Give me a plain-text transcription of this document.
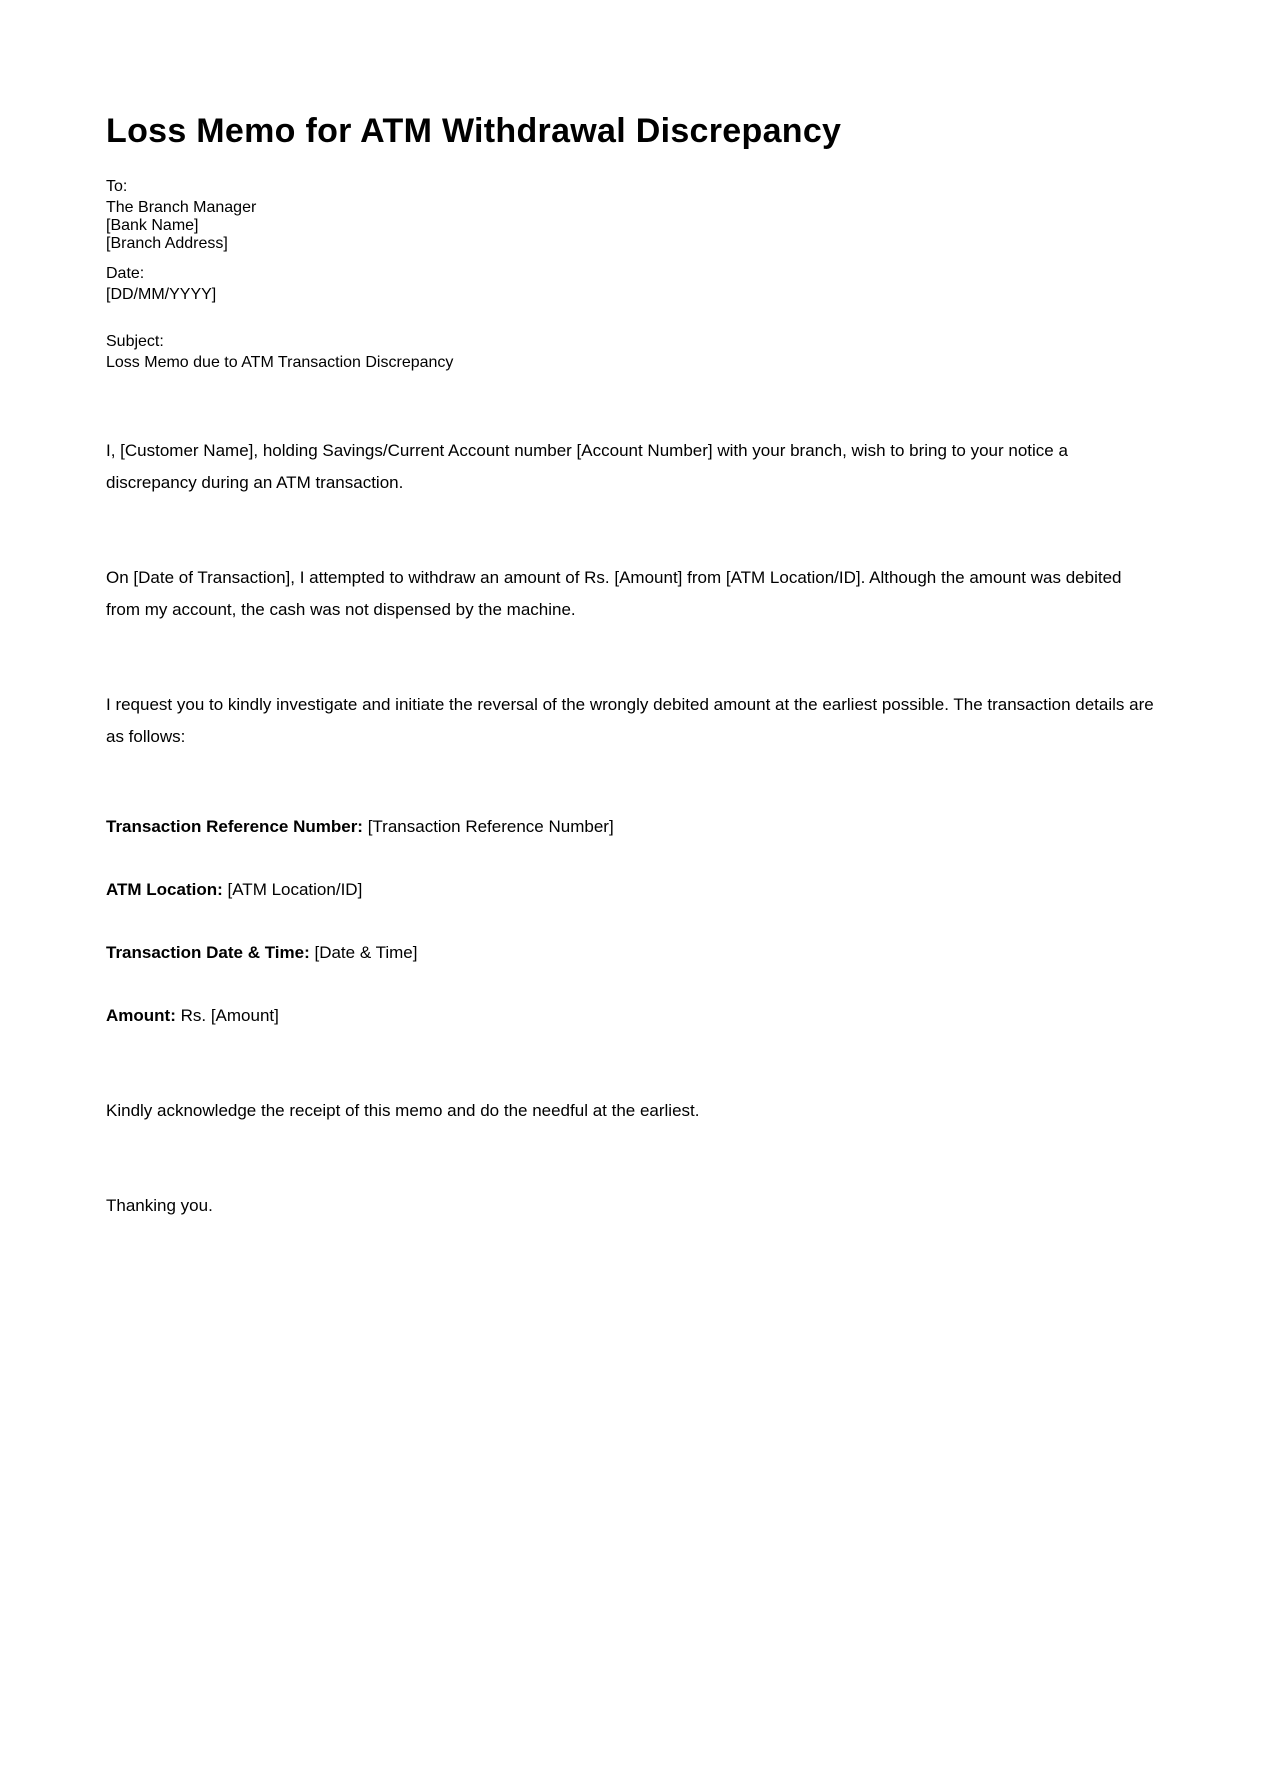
Loss Memo for ATM Withdrawal Discrepancy
To:
The Branch Manager
[Bank Name]
[Branch Address]
Date:
[DD/MM/YYYY]
Subject:
Loss Memo due to ATM Transaction Discrepancy

I, [Customer Name], holding Savings/Current Account number [Account Number] with your branch, wish to bring to your notice a discrepancy during an ATM transaction.

On [Date of Transaction], I attempted to withdraw an amount of Rs. [Amount] from [ATM Location/ID]. Although the amount was debited from my account, the cash was not dispensed by the machine.

I request you to kindly investigate and initiate the reversal of the wrongly debited amount at the earliest possible. The transaction details are as follows:

Transaction Reference Number: [Transaction Reference Number]
ATM Location: [ATM Location/ID]
Transaction Date & Time: [Date & Time]
Amount: Rs. [Amount]

Kindly acknowledge the receipt of this memo and do the needful at the earliest.

Thanking you.
